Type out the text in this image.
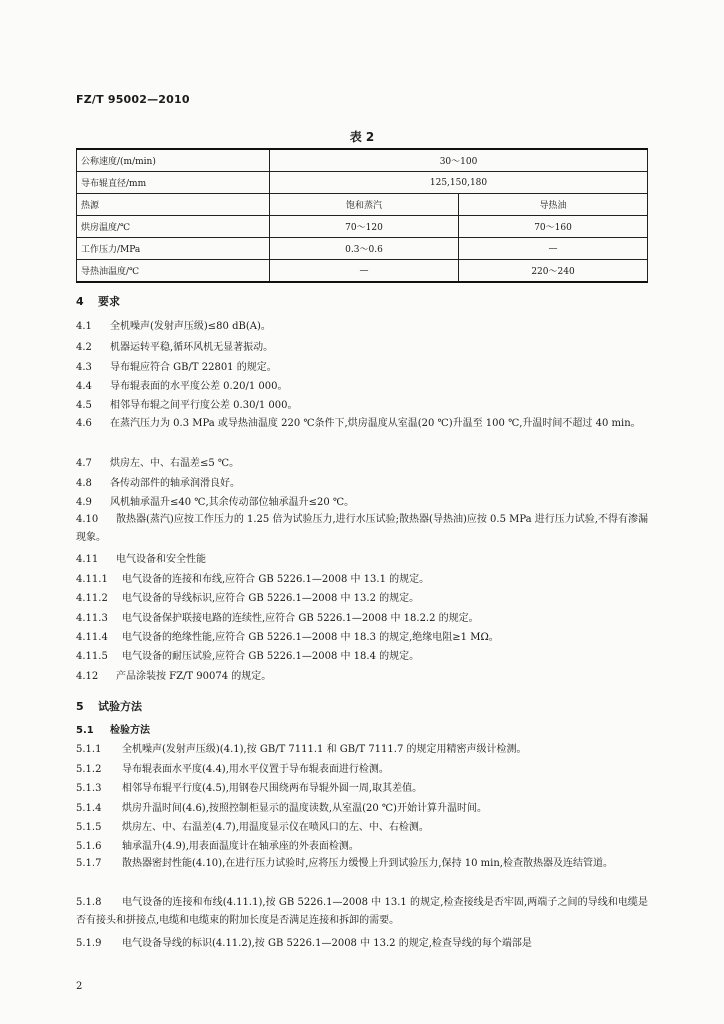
FZ/T 95002—2010
表 2
公称速度/(m/min)	30～100	
导布辊直径/mm	125,150,180	
热源	饱和蒸汽	导热油
烘房温度/℃	70～120	70～160
工作压力/MPa	0.3～0.6	—
导热油温度/℃	—	220～240
4 要求
4.1 全机噪声(发射声压级)≤80 dB(A)。
4.2 机器运转平稳,循环风机无显著振动。
4.3 导布辊应符合 GB/T 22801 的规定。
4.4 导布辊表面的水平度公差 0.20/1 000。
4.5 相邻导布辊之间平行度公差 0.30/1 000。
4.6 在蒸汽压力为 0.3 MPa 或导热油温度 220 ℃条件下,烘房温度从室温(20 ℃)升温至 100 ℃,升温时间不超过 40 min。
4.7 烘房左、中、右温差≤5 ℃。
4.8 各传动部件的轴承润滑良好。
4.9 风机轴承温升≤40 ℃,其余传动部位轴承温升≤20 ℃。
4.10 散热器(蒸汽)应按工作压力的 1.25 倍为试验压力,进行水压试验;散热器(导热油)应按 0.5 MPa 进行压力试验,不得有渗漏现象。
4.11 电气设备和安全性能
4.11.1 电气设备的连接和布线,应符合 GB 5226.1—2008 中 13.1 的规定。
4.11.2 电气设备的导线标识,应符合 GB 5226.1—2008 中 13.2 的规定。
4.11.3 电气设备保护联接电路的连续性,应符合 GB 5226.1—2008 中 18.2.2 的规定。
4.11.4 电气设备的绝缘性能,应符合 GB 5226.1—2008 中 18.3 的规定,绝缘电阻≥1 MΩ。
4.11.5 电气设备的耐压试验,应符合 GB 5226.1—2008 中 18.4 的规定。
4.12 产品涂装按 FZ/T 90074 的规定。
5 试验方法
5.1 检验方法
5.1.1 全机噪声(发射声压级)(4.1),按 GB/T 7111.1 和 GB/T 7111.7 的规定用精密声级计检测。
5.1.2 导布辊表面水平度(4.4),用水平仪置于导布辊表面进行检测。
5.1.3 相邻导布辊平行度(4.5),用钢卷尺围绕两布导辊外圆一周,取其差值。
5.1.4 烘房升温时间(4.6),按照控制柜显示的温度读数,从室温(20 ℃)开始计算升温时间。
5.1.5 烘房左、中、右温差(4.7),用温度显示仪在喷风口的左、中、右检测。
5.1.6 轴承温升(4.9),用表面温度计在轴承座的外表面检测。
5.1.7 散热器密封性能(4.10),在进行压力试验时,应将压力缓慢上升到试验压力,保持 10 min,检查散热器及连结管道。
5.1.8 电气设备的连接和布线(4.11.1),按 GB 5226.1—2008 中 13.1 的规定,检查接线是否牢固,两端子之间的导线和电缆是否有接头和拼接点,电缆和电缆束的附加长度是否满足连接和拆卸的需要。
5.1.9 电气设备导线的标识(4.11.2),按 GB 5226.1—2008 中 13.2 的规定,检查导线的每个端部是
2
